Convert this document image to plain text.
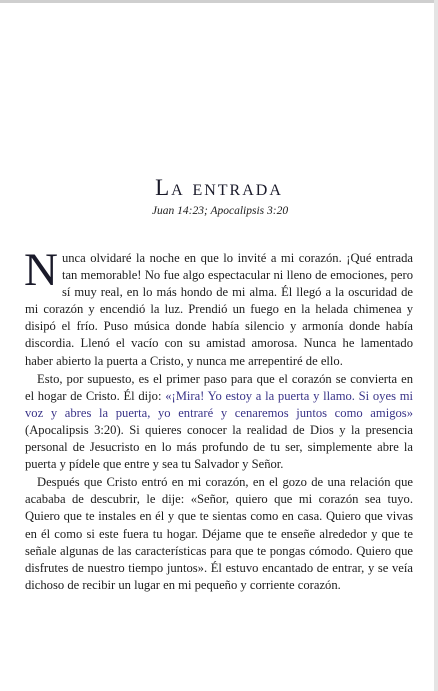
La entrada
Juan 14:23; Apocalipsis 3:20

Nunca olvidaré la noche en que lo invité a mi corazón. ¡Qué entrada tan memorable! No fue algo espectacular ni lleno de emociones, pero sí muy real, en lo más hondo de mi alma. Él llegó a la oscuridad de mi corazón y encendió la luz. Prendió un fuego en la helada chimenea y disipó el frío. Puso música donde había silencio y armonía donde había discordia. Llenó el vacío con su amistad amorosa. Nunca he lamentado haber abierto la puerta a Cristo, y nunca me arrepentiré de ello.

Esto, por supuesto, es el primer paso para que el corazón se convierta en el hogar de Cristo. Él dijo: «¡Mira! Yo estoy a la puerta y llamo. Si oyes mi voz y abres la puerta, yo entraré y cenaremos juntos como amigos» (Apocalipsis 3:20). Si quieres conocer la realidad de Dios y la presencia personal de Jesucristo en lo más profundo de tu ser, simplemente abre la puerta y pídele que entre y sea tu Salvador y Señor.

Después que Cristo entró en mi corazón, en el gozo de una relación que acababa de descubrir, le dije: «Señor, quiero que mi corazón sea tuyo. Quiero que te instales en él y que te sientas como en casa. Quiero que vivas en él como si este fuera tu hogar. Déjame que te enseñe alrededor y que te señale algunas de las características para que te pongas cómodo. Quiero que disfrutes de nuestro tiempo juntos». Él estuvo encantado de entrar, y se veía dichoso de recibir un lugar en mi pequeño y corriente corazón.
